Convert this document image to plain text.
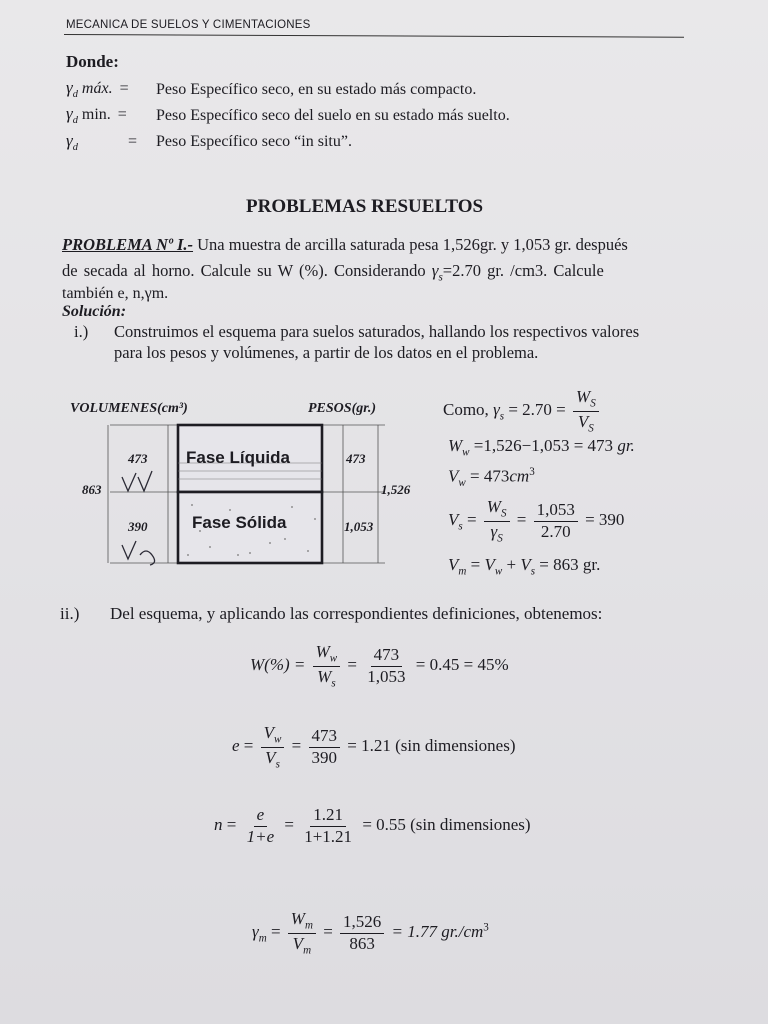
MECANICA DE SUELOS Y CIMENTACIONES
Donde:
$\gamma_d$ máx. = Peso Específico seco, en su estado más compacto.
$\gamma_d$ min. = Peso Específico seco del suelo en su estado más suelto.
$\gamma_d$	= Peso Específico seco “in situ”.
PROBLEMAS RESUELTOS
PROBLEMA Nº I.- Una muestra de arcilla saturada pesa 1,526gr. y 1,053 gr. después
de secada al horno. Calcule su W (%). Considerando $\gamma_s=2.70$ gr. /cm3. Calcule
también e, n,γm.
Solución:
i.) Construimos el esquema para suelos saturados, hallando los respectivos valores
para los pesos y volúmenes, a partir de los datos en el problema.
VOLUMENES(cm³)	PESOS(gr.)
Fase Líquida
Fase Sólida
473
390
863
473
1,053
1,526
Como, $\gamma_s = 2.70 = \frac{W_S}{V_S}$
$W_w =1,526-1,053 = 473$ gr.
$V_w = 473cm^3$
$V_s = \frac{W_S}{\gamma_S} = \frac{1,053}{2.70} = 390$
$V_m = V_w + V_s = 863$ gr.
ii.) Del esquema, y aplicando las correspondientes definiciones, obtenemos:
$W(\%) = \frac{W_w}{W_s} = \frac{473}{1,053} = 0.45 = 45\%$
$e = \frac{V_w}{V_s} = \frac{473}{390} = 1.21$ (sin dimensiones)
$n = \frac{e}{1+e} = \frac{1.21}{1+1.21} = 0.55$ (sin dimensiones)
$\gamma_m = \frac{W_m}{V_m} = \frac{1,526}{863} = 1.77$ $gr./cm^3$
